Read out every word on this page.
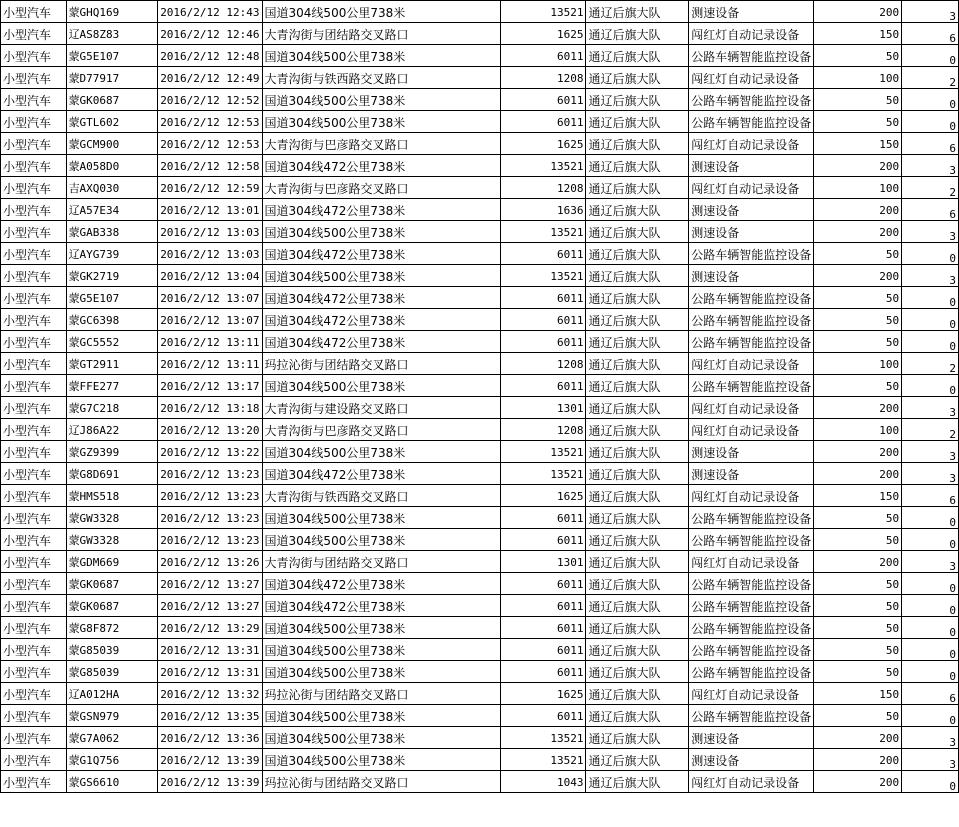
小型汽车	蒙GHQ169	2016/2/12 12:43	国道304线500公里738米	13521	通辽后旗大队	测速设备	200	3
小型汽车	辽AS8Z83	2016/2/12 12:46	大青沟街与团结路交叉路口	1625	通辽后旗大队	闯红灯自动记录设备	150	6
小型汽车	蒙G5E107	2016/2/12 12:48	国道304线500公里738米	6011	通辽后旗大队	公路车辆智能监控设备	50	0
小型汽车	蒙D77917	2016/2/12 12:49	大青沟街与铁西路交叉路口	1208	通辽后旗大队	闯红灯自动记录设备	100	2
小型汽车	蒙GK0687	2016/2/12 12:52	国道304线500公里738米	6011	通辽后旗大队	公路车辆智能监控设备	50	0
小型汽车	蒙GTL602	2016/2/12 12:53	国道304线500公里738米	6011	通辽后旗大队	公路车辆智能监控设备	50	0
小型汽车	蒙GCM900	2016/2/12 12:53	大青沟街与巴彦路交叉路口	1625	通辽后旗大队	闯红灯自动记录设备	150	6
小型汽车	蒙A058D0	2016/2/12 12:58	国道304线472公里738米	13521	通辽后旗大队	测速设备	200	3
小型汽车	吉AXQ030	2016/2/12 12:59	大青沟街与巴彦路交叉路口	1208	通辽后旗大队	闯红灯自动记录设备	100	2
小型汽车	辽A57E34	2016/2/12 13:01	国道304线472公里738米	1636	通辽后旗大队	测速设备	200	6
小型汽车	蒙GAB338	2016/2/12 13:03	国道304线500公里738米	13521	通辽后旗大队	测速设备	200	3
小型汽车	辽AYG739	2016/2/12 13:03	国道304线472公里738米	6011	通辽后旗大队	公路车辆智能监控设备	50	0
小型汽车	蒙GK2719	2016/2/12 13:04	国道304线500公里738米	13521	通辽后旗大队	测速设备	200	3
小型汽车	蒙G5E107	2016/2/12 13:07	国道304线472公里738米	6011	通辽后旗大队	公路车辆智能监控设备	50	0
小型汽车	蒙GC6398	2016/2/12 13:07	国道304线472公里738米	6011	通辽后旗大队	公路车辆智能监控设备	50	0
小型汽车	蒙GC5552	2016/2/12 13:11	国道304线472公里738米	6011	通辽后旗大队	公路车辆智能监控设备	50	0
小型汽车	蒙GT2911	2016/2/12 13:11	玛拉沁街与团结路交叉路口	1208	通辽后旗大队	闯红灯自动记录设备	100	2
小型汽车	蒙FFE277	2016/2/12 13:17	国道304线500公里738米	6011	通辽后旗大队	公路车辆智能监控设备	50	0
小型汽车	蒙G7C218	2016/2/12 13:18	大青沟街与建设路交叉路口	1301	通辽后旗大队	闯红灯自动记录设备	200	3
小型汽车	辽J86A22	2016/2/12 13:20	大青沟街与巴彦路交叉路口	1208	通辽后旗大队	闯红灯自动记录设备	100	2
小型汽车	蒙GZ9399	2016/2/12 13:22	国道304线500公里738米	13521	通辽后旗大队	测速设备	200	3
小型汽车	蒙G8D691	2016/2/12 13:23	国道304线472公里738米	13521	通辽后旗大队	测速设备	200	3
小型汽车	蒙HMS518	2016/2/12 13:23	大青沟街与铁西路交叉路口	1625	通辽后旗大队	闯红灯自动记录设备	150	6
小型汽车	蒙GW3328	2016/2/12 13:23	国道304线500公里738米	6011	通辽后旗大队	公路车辆智能监控设备	50	0
小型汽车	蒙GW3328	2016/2/12 13:23	国道304线500公里738米	6011	通辽后旗大队	公路车辆智能监控设备	50	0
小型汽车	蒙GDM669	2016/2/12 13:26	大青沟街与团结路交叉路口	1301	通辽后旗大队	闯红灯自动记录设备	200	3
小型汽车	蒙GK0687	2016/2/12 13:27	国道304线472公里738米	6011	通辽后旗大队	公路车辆智能监控设备	50	0
小型汽车	蒙GK0687	2016/2/12 13:27	国道304线472公里738米	6011	通辽后旗大队	公路车辆智能监控设备	50	0
小型汽车	蒙G8F872	2016/2/12 13:29	国道304线500公里738米	6011	通辽后旗大队	公路车辆智能监控设备	50	0
小型汽车	蒙G85039	2016/2/12 13:31	国道304线500公里738米	6011	通辽后旗大队	公路车辆智能监控设备	50	0
小型汽车	蒙G85039	2016/2/12 13:31	国道304线500公里738米	6011	通辽后旗大队	公路车辆智能监控设备	50	0
小型汽车	辽A012HA	2016/2/12 13:32	玛拉沁街与团结路交叉路口	1625	通辽后旗大队	闯红灯自动记录设备	150	6
小型汽车	蒙GSN979	2016/2/12 13:35	国道304线500公里738米	6011	通辽后旗大队	公路车辆智能监控设备	50	0
小型汽车	蒙G7A062	2016/2/12 13:36	国道304线500公里738米	13521	通辽后旗大队	测速设备	200	3
小型汽车	蒙G1Q756	2016/2/12 13:39	国道304线500公里738米	13521	通辽后旗大队	测速设备	200	3
小型汽车	蒙GS6610	2016/2/12 13:39	玛拉沁街与团结路交叉路口	1043	通辽后旗大队	闯红灯自动记录设备	200	0
